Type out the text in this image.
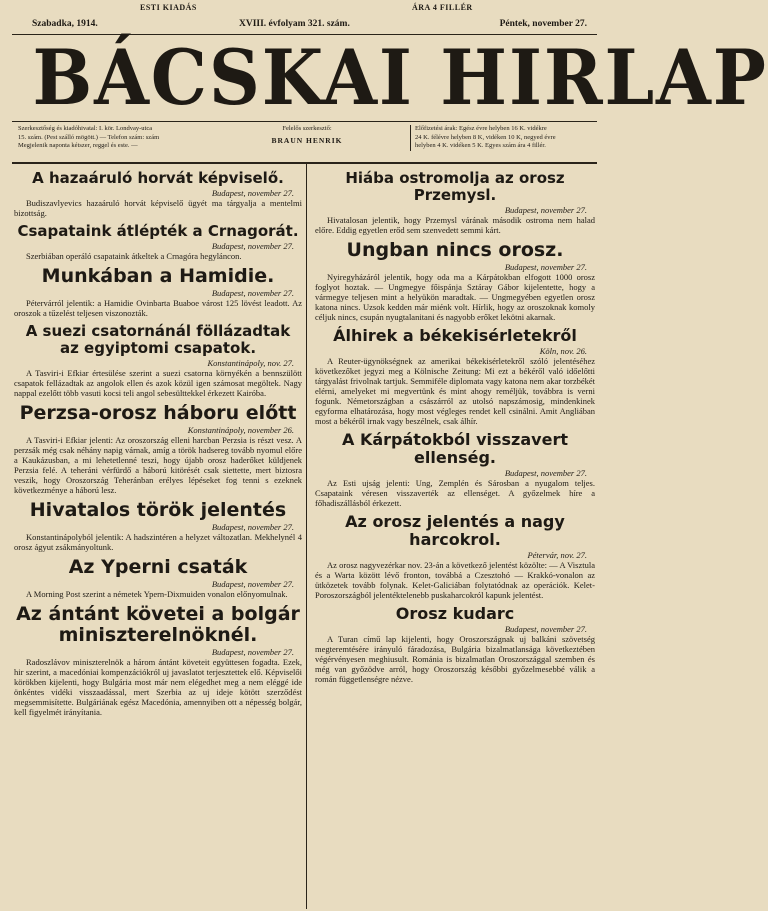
ESTI KIADÁS	ÁRA 4 FILLÉR
Szabadka, 1914.	XVIII. évfolyam 321. szám.	Péntek, november 27.
BÁCSKAI HIRLAP
Szerkesztőség és kiadóhivatal: I. kör. Londvay-utca
15. szám. (Pest szálló mögött.) — Telefon szám: szám
Megjelenik naponta kétszer, reggel és este. —
Felelős szerkesztő:
BRAUN HENRIK
Előfizetési árak: Egész évre helyben 16 K. vidékre
24 K. félévre helyben 8 K, vidéken 10 K, negyed évre
helyben 4 K. vidéken 5 K. Egyes szám ára 4 fillér.
A hazaáruló horvát képviselő.
Budapest, november 27.

Budiszavlyevics hazaáruló horvát képviselő ügyét ma tárgyalja a mentelmi bizottság.

Csapataink átlépték a Crnagorát.
Budapest, november 27.

Szerbiában operáló csapataink átkeltek a Crnagóra hegyláncon.

Munkában a Hamidie.
Budapest, november 27.

Pétervárról jelentik: a Hamidie Ovinbarta Buaboe várost 125 lövést leadott. Az oroszok a tűzelést teljesen viszonozták.

A suezi csatornánál föllázadtak az egyiptomi csapatok.
Konstantinápoly, nov. 27.

A Tasviri-i Efkiar értesülése szerint a suezi csatorna környékén a bennszülött csapatok fellázadtak az angolok ellen és azok közül igen számosat megöltek. Nagy nappal ezelőtt több vasuti kocsi teli angol sebesülttekkel érkezett Kairóba.

Perzsa-orosz háboru előtt
Konstantinápoly, november 26.

A Tasviri-i Efkiar jelenti: Az oroszország elleni harcban Perzsia is részt vesz. A perzsák még csak néhány napig várnak, amíg a török hadsereg tovább nyomul előre a Kaukázusban, a mi lehetetlenné teszi, hogy újabb orosz haderőket küldjenek Perzsia felé. A teheráni vérfürdő a háború kitörését csak siettette, mert biztosra veszik, hogy Oroszország Teheránban erélyes lépéseket fog tenni s ezeknek következménye a háború lesz.

Hivatalos török jelentés
Budapest, november 27.

Konstantinápolyból jelentik: A hadszintéren a helyzet változatlan. Mekhelynél 4 orosz ágyut zsákmányoltunk.

Az Yperni csaták
Budapest, november 27.

A Morning Post szerint a németek Ypern-Dixmuiden vonalon előnyomulnak.

Az ántánt követei a bolgár miniszterelnöknél.
Budapest, november 27.

Radoszlávov miniszterelnök a három ántánt követeit együttesen fogadta. Ezek, hir szerint, a macedóniai kompenzációkról uj javaslatot terjesztettek elő. Képviselői körökben kijelenti, hogy Bulgária most már nem elégedhet meg a nem eléggé ide önkéntes vidéki visszaadással, mert Szerbia az uj ideje kötött szerződést megsemmisítette. Bulgáriának egész Macedónia, amennyiben ott a népesség bolgár, kell figyelmét irányítania.

Hiába ostromolja az orosz Przemysl.
Budapest, november 27.

Hivatalosan jelentik, hogy Przemysl várának második ostroma nem halad előre. Eddig egyetlen erőd sem szenvedett semmi kárt.

Ungban nincs orosz.
Budapest, november 27.

Nyiregyházáról jelentik, hogy oda ma a Kárpátokban elfogott 1000 orosz foglyot hoztak. — Ungmegye főispánja Sztáray Gábor kijelentette, hogy a vármegye teljesen mint a helyükön maradtak. — Ungmegyében egyetlen orosz katona nincs. Uzsok kedden már miénk volt. Hírlik, hogy az oroszoknak komoly céljuk nincs, csupán nyugtalanitani és nagyobb erőket lekötni akarnak.

Álhirek a békekisérletekről
Köln, nov. 26.

A Reuter-ügynökségnek az amerikai békekisérletekről szóló jelentéséhez következőket jegyzi meg a Kölnische Zeitung: Mi ezt a békéről való időelőtti tárgyalást frivolnak tartjuk. Semmiféle diplomata vagy katona nem akar torzbékét elérni, amelyeket mi megvertünk és mint ahogy reméljük, továbbra is verni fogunk. Németországban a császárról az utolsó napszámosig, mindenkinek egyforma elhatározása, hogy most végleges rendet kell csinálni. Amit Angliában most a békéről irnak vagy beszélnek, csak álhír.

A Kárpátokból visszavert ellenség.
Budapest, november 27.

Az Esti ujság jelenti: Ung, Zemplén és Sárosban a nyugalom teljes. Csapataink véresen visszaverték az ellenséget. A győzelmek híre a főhadiszállásból érkezett.

Az orosz jelentés a nagy harcokrol.
Pétervár, nov. 27.

Az orosz nagyvezérkar nov. 23-án a következő jelentést közölte: — A Visztula és a Warta között lévő fronton, továbbá a Czesztohó — Krakkó-vonalon az ütközetek tovább folynak. Kelet-Galiciában folytatódnak az operációk. Kelet-Poroszországból jelentéktelenebb puskaharcokról kapunk jelentést.

Orosz kudarc
Budapest, november 27.

A Turan című lap kijelenti, hogy Oroszországnak uj balkáni szövetség megteremtésére irányuló fáradozása, Bulgária bizalmatlansága következtében végérvényesen meghiusult. Románia is bizalmatlan Oroszországgal szemben és még van győzödve arról, hogy Oroszország későbbi győzelmesebbé válik a román függetlenségre nézve.
